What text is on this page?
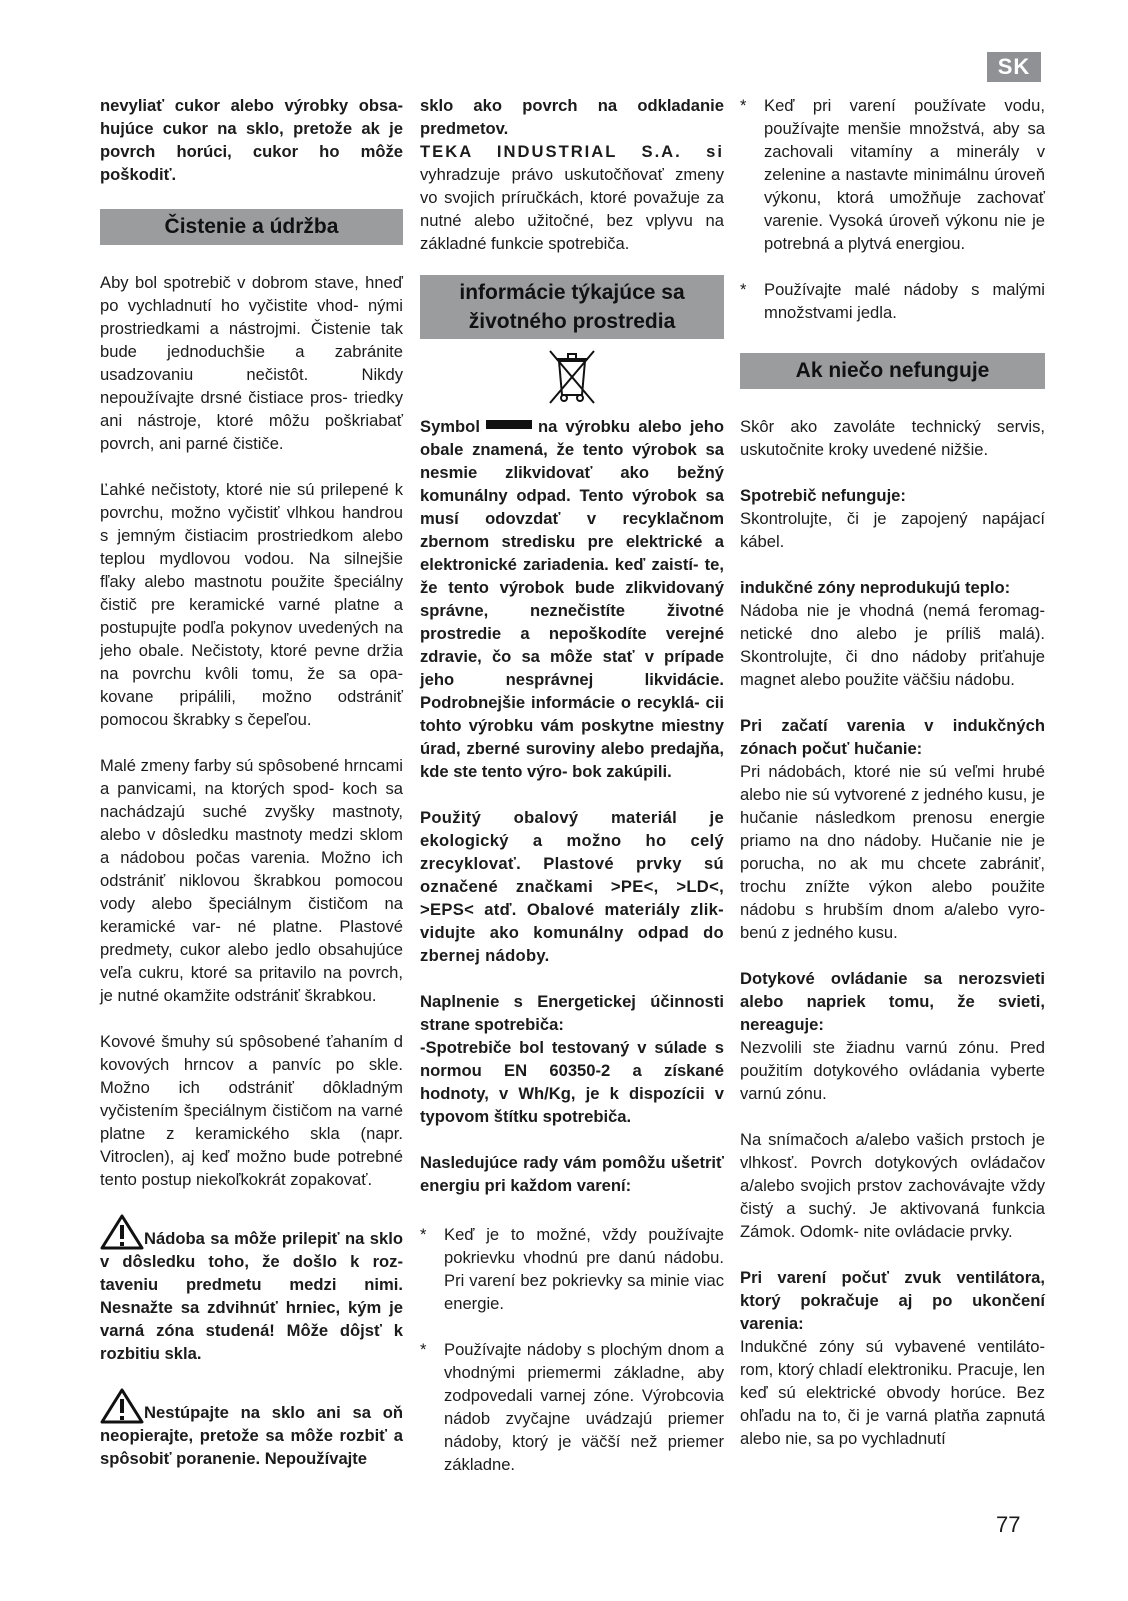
SK

nevyliať cukor alebo výrobky obsa- hujúce cukor na sklo, pretože ak je povrch horúci, cukor ho môže poškodiť.

Čistenie a údržba

Aby bol spotrebič v dobrom stave, hneď po vychladnutí ho vyčistite vhod- nými prostriedkami a nástrojmi. Čistenie tak bude jednoduchšie a zabránite usadzovaniu nečistôt. Nikdy nepoužívajte drsné čistiace pros- triedky ani nástroje, ktoré môžu poškriabať povrch, ani parné čističe.

Ľahké nečistoty, ktoré nie sú prilepené k povrchu, možno vyčistiť vlhkou handrou s jemným čistiacim prostriedkom alebo teplou mydlovou vodou. Na silnejšie fľaky alebo mastnotu použite špeciálny čistič pre keramické varné platne a postupujte podľa pokynov uvedených na jeho obale. Nečistoty, ktoré pevne držia na povrchu kvôli tomu, že sa opa- kovane pripálili, možno odstrániť pomocou škrabky s čepeľou.

Malé zmeny farby sú spôsobené hrncami a panvicami, na ktorých spod- koch sa nachádzajú suché zvyšky mastnoty, alebo v dôsledku mastnoty medzi sklom a nádobou počas varenia. Možno ich odstrániť niklovou škrabkou pomocou vody alebo špeciálnym čističom na keramické var- né platne. Plastové predmety, cukor alebo jedlo obsahujúce veľa cukru, ktoré sa pritavilo na povrch, je nutné okamžite odstrániť škrabkou.

Kovové šmuhy sú spôsobené ťahaním d kovových hrncov a panvíc po skle. Možno ich odstrániť dôkladným vyčistením špeciálnym čističom na varné platne z keramického skla (napr. Vitroclen), aj keď možno bude potrebné tento postup niekoľkokrát zopakovať.

Nádoba sa môže prilepiť na sklo v dôsledku toho, že došlo k roz- taveniu predmetu medzi nimi. Nesnažte sa zdvihnúť hrniec, kým je varná zóna studená! Môže dôjsť k rozbitiu skla.

Nestúpajte na sklo ani sa oň neopierajte, pretože sa môže rozbiť a spôsobiť poranenie. Nepoužívajte

sklo ako povrch na odkladanie predmetov.

TEKA INDUSTRIAL S.A. si vyhradzuje právo uskutočňovať zmeny vo svojich príručkách, ktoré považuje za nutné alebo užitočné, bez vplyvu na základné funkcie spotrebiča.

informácie týkajúce sa životného prostredia

Symbol	na výrobku alebo jeho obale znamená, že tento výrobok sa nesmie zlikvidovať ako bežný komunálny odpad. Tento výrobok sa musí odovzdať v recyklačnom zbernom stredisku pre elektrické a elektronické zariadenia. keď zaistí- te, že tento výrobok bude zlikvidovaný správne, neznečistíte životné prostredie a nepoškodíte verejné zdravie, čo sa môže stať v prípade jeho nesprávnej likvidácie. Podrobnejšie informácie o recyklá- cii tohto výrobku vám poskytne miestny úrad, zberné suroviny alebo predajňa, kde ste tento výro- bok zakúpili.

Použitý obalový materiál je ekologický a možno ho celý zrecyklovať. Plastové prvky sú označené značkami >PE<, >LD<, >EPS< atď. Obalové materiály zlik- vidujte ako komunálny odpad do zbernej nádoby.

Naplnenie s Energetickej účinnosti strane spotrebiča:

-Spotrebiče bol testovaný v súlade s normou EN 60350-2 a získané hodnoty, v Wh/Kg, je k dispozícii v typovom štítku spotrebiča.

Nasledujúce rady vám pomôžu ušetriť energiu pri každom varení:

*	Keď je to možné, vždy používajte pokrievku vhodnú pre danú nádobu. Pri varení bez pokrievky sa minie viac energie.
*	Používajte nádoby s plochým dnom a vhodnými priemermi základne, aby zodpovedali varnej zóne. Výrobcovia nádob zvyčajne uvádzajú priemer nádoby, ktorý je väčší než priemer základne.
*	Keď pri varení používate vodu, používajte menšie množstvá, aby sa zachovali vitamíny a minerály v zelenine a nastavte minimálnu úroveň výkonu, ktorá umožňuje zachovať varenie. Vysoká úroveň výkonu nie je potrebná a plytvá energiou.
*	Používajte malé nádoby s malými množstvami jedla.
Ak niečo nefunguje

Skôr ako zavoláte technický servis, uskutočnite kroky uvedené nižšie.

Spotrebič nefunguje:

Skontrolujte, či je zapojený napájací kábel.

indukčné zóny neprodukujú teplo:

Nádoba nie je vhodná (nemá feromag- netické dno alebo je príliš malá). Skontrolujte, či dno nádoby priťahuje magnet alebo použite väčšiu nádobu.

Pri začatí varenia v indukčných zónach počuť hučanie:

Pri nádobách, ktoré nie sú veľmi hrubé alebo nie sú vytvorené z jedného kusu, je hučanie následkom prenosu energie priamo na dno nádoby. Hučanie nie je porucha, no ak mu chcete zabrániť, trochu znížte výkon alebo použite nádobu s hrubším dnom a/alebo vyro- benú z jedného kusu.

Dotykové ovládanie sa nerozsvieti alebo napriek tomu, že svieti, nereaguje:

Nezvolili ste žiadnu varnú zónu. Pred použitím dotykového ovládania vyberte varnú zónu.

Na snímačoch a/alebo vašich prstoch je vlhkosť. Povrch dotykových ovládačov a/alebo svojich prstov zachovávajte vždy čistý a suchý. Je aktivovaná funkcia Zámok. Odomk- nite ovládacie prvky.

Pri varení počuť zvuk ventilátora, ktorý pokračuje aj po ukončení varenia:

Indukčné zóny sú vybavené ventiláto- rom, ktorý chladí elektroniku. Pracuje, len keď sú elektrické obvody horúce. Bez ohľadu na to, či je varná platňa zapnutá alebo nie, sa po vychladnutí

77
